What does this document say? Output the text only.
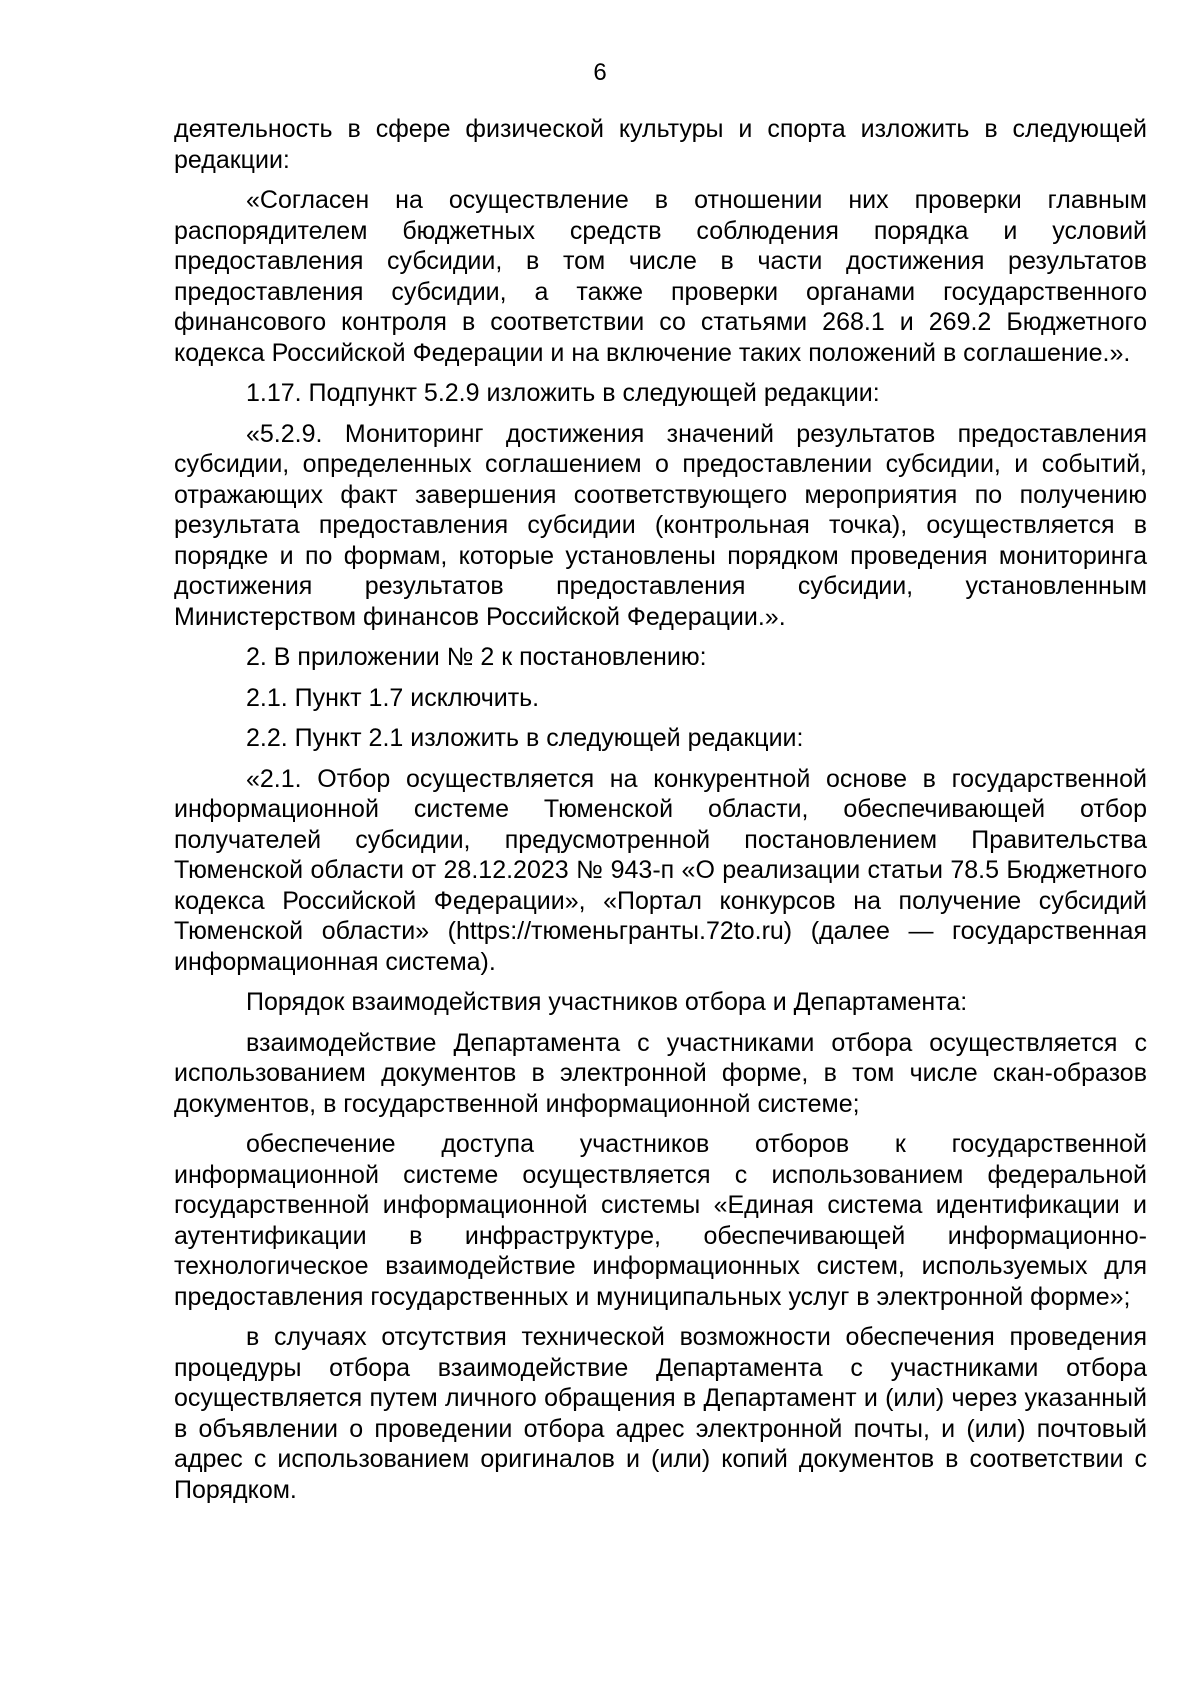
6

деятельность в сфере физической культуры и спорта изложить в следующей редакции:

«Согласен на осуществление в отношении них проверки главным распорядителем бюджетных средств соблюдения порядка и условий предоставления субсидии, в том числе в части достижения результатов предоставления субсидии, а также проверки органами государственного финансового контроля в соответствии со статьями 268.1 и 269.2 Бюджетного кодекса Российской Федерации и на включение таких положений в соглашение.».

1.17. Подпункт 5.2.9 изложить в следующей редакции:

«5.2.9. Мониторинг достижения значений результатов предоставления субсидии, определенных соглашением о предоставлении субсидии, и событий, отражающих факт завершения соответствующего мероприятия по получению результата предоставления субсидии (контрольная точка), осуществляется в порядке и по формам, которые установлены порядком проведения мониторинга достижения результатов предоставления субсидии, установленным Министерством финансов Российской Федерации.».

2. В приложении № 2 к постановлению:

2.1. Пункт 1.7 исключить.

2.2. Пункт 2.1 изложить в следующей редакции:

«2.1. Отбор осуществляется на конкурентной основе в государственной информационной системе Тюменской области, обеспечивающей отбор получателей субсидии, предусмотренной постановлением Правительства Тюменской области от 28.12.2023 № 943-п «О реализации статьи 78.5 Бюджетного кодекса Российской Федерации», «Портал конкурсов на получение субсидий Тюменской области» (https://тюменьгранты.72to.ru) (далее — государственная информационная система).

Порядок взаимодействия участников отбора и Департамента:

взаимодействие Департамента с участниками отбора осуществляется с использованием документов в электронной форме, в том числе скан-образов документов, в государственной информационной системе;

обеспечение доступа участников отборов к государственной информационной системе осуществляется с использованием федеральной государственной информационной системы «Единая система идентификации и аутентификации в инфраструктуре, обеспечивающей информационно-технологическое взаимодействие информационных систем, используемых для предоставления государственных и муниципальных услуг в электронной форме»;

в случаях отсутствия технической возможности обеспечения проведения процедуры отбора взаимодействие Департамента с участниками отбора осуществляется путем личного обращения в Департамент и (или) через указанный в объявлении о проведении отбора адрес электронной почты, и (или) почтовый адрес с использованием оригиналов и (или) копий документов в соответствии с Порядком.
